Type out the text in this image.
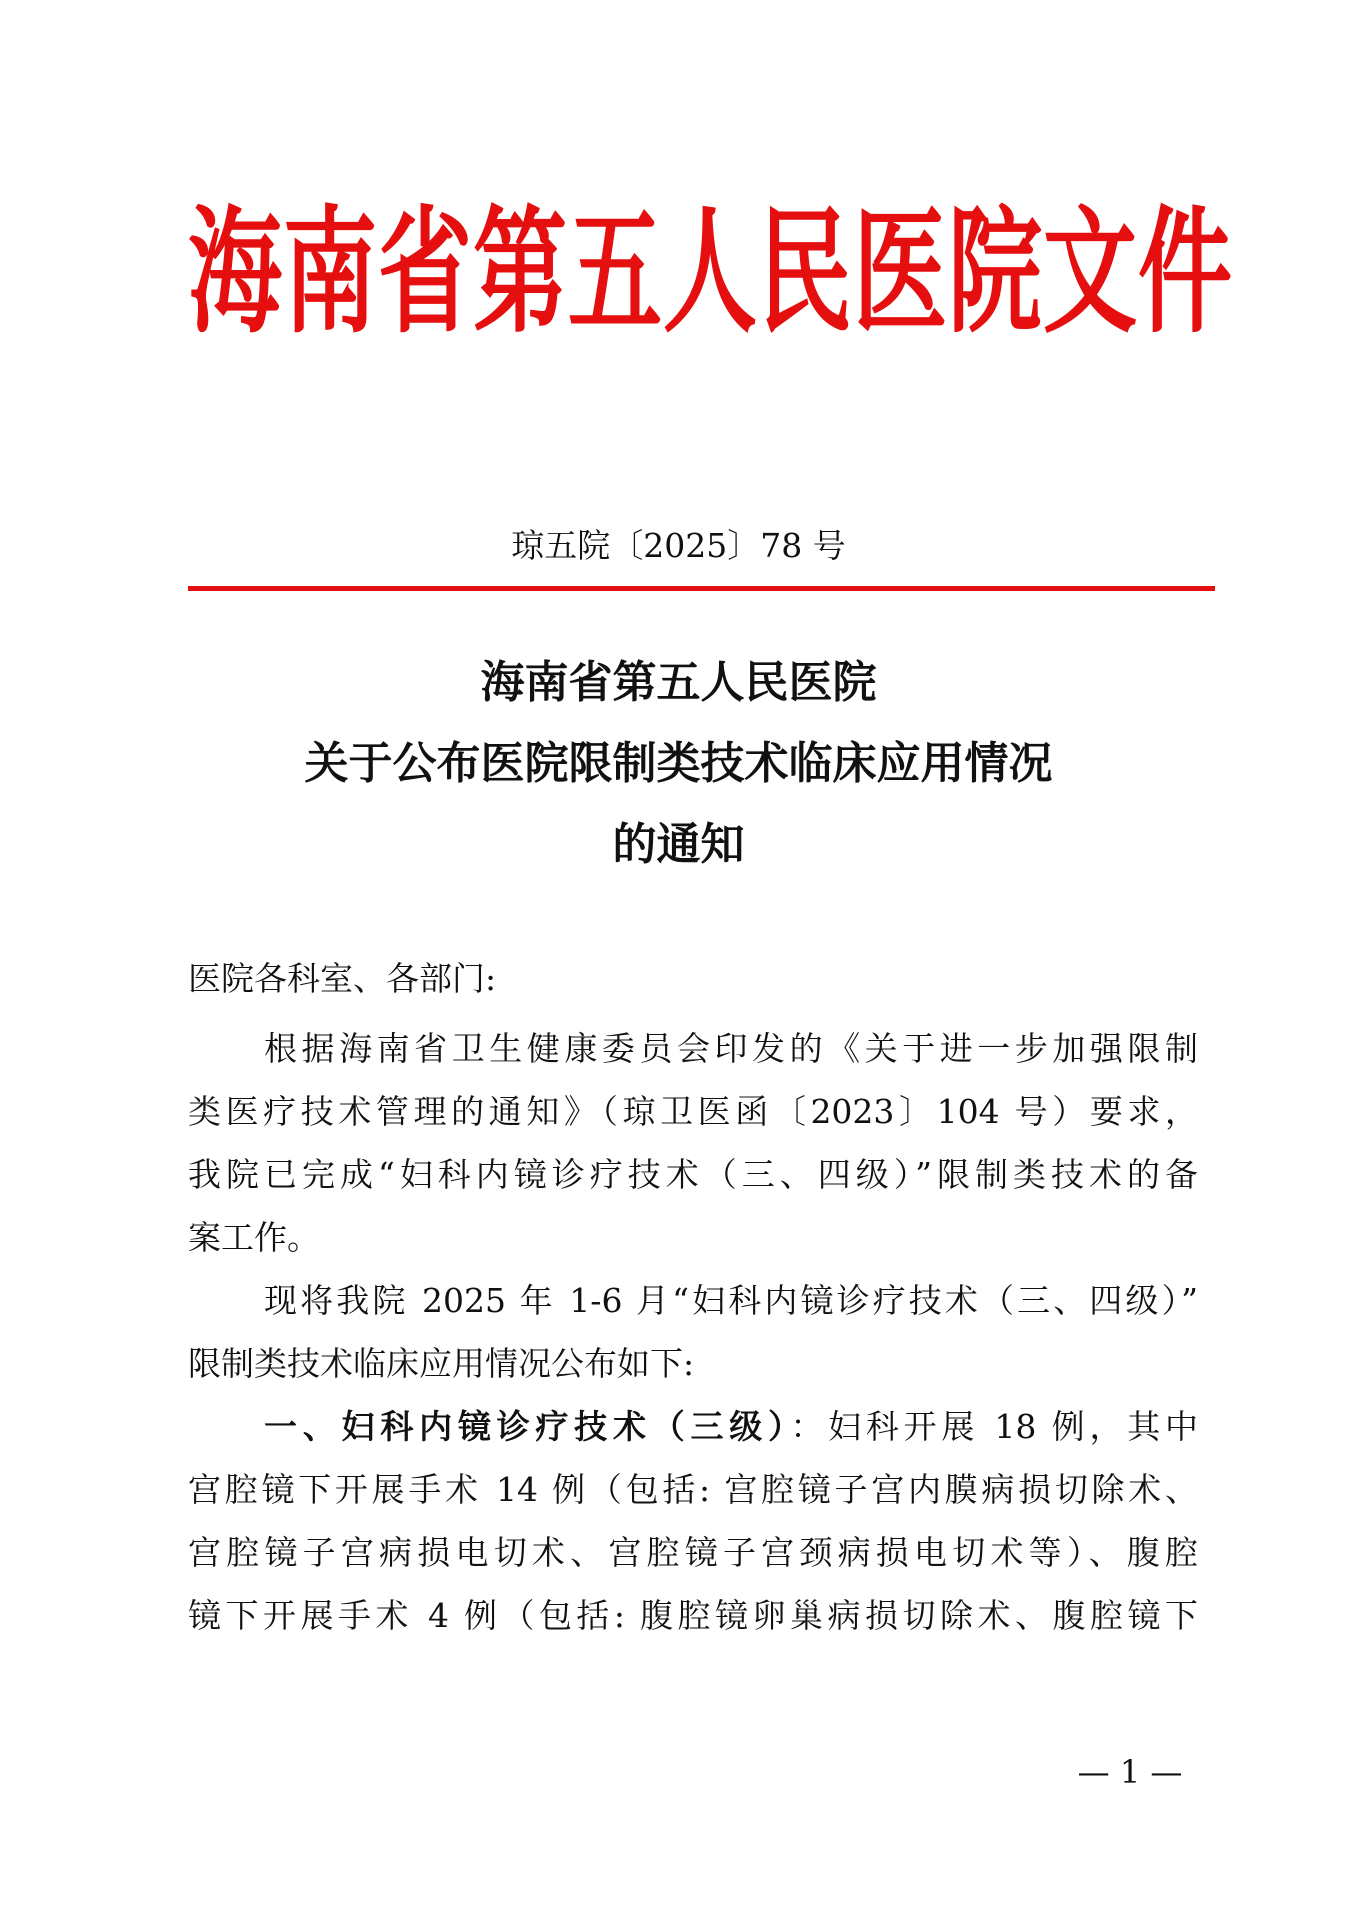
海南省第五人民医院文件
琼五院〔2025〕78 号
海南省第五人民医院
关于公布医院限制类技术临床应用情况
的通知
医院各科室、各部门:
根据海南省卫生健康委员会印发的《关于进一步加强限制
类医疗技术管理的通知》（琼卫医函〔2023〕104 号）要求，
我院已完成“妇科内镜诊疗技术（三、四级）”限制类技术的备
案工作。
现将我院 2025 年 1-6 月“妇科内镜诊疗技术（三、四级）”
限制类技术临床应用情况公布如下:
一、妇科内镜诊疗技术（三级）：妇科开展 18 例，其中
宫腔镜下开展手术 14 例（包括: 宫腔镜子宫内膜病损切除术、
宫腔镜子宫病损电切术、宫腔镜子宫颈病损电切术等）、腹腔
镜下开展手术 4 例（包括: 腹腔镜卵巢病损切除术、腹腔镜下
— 1 —
